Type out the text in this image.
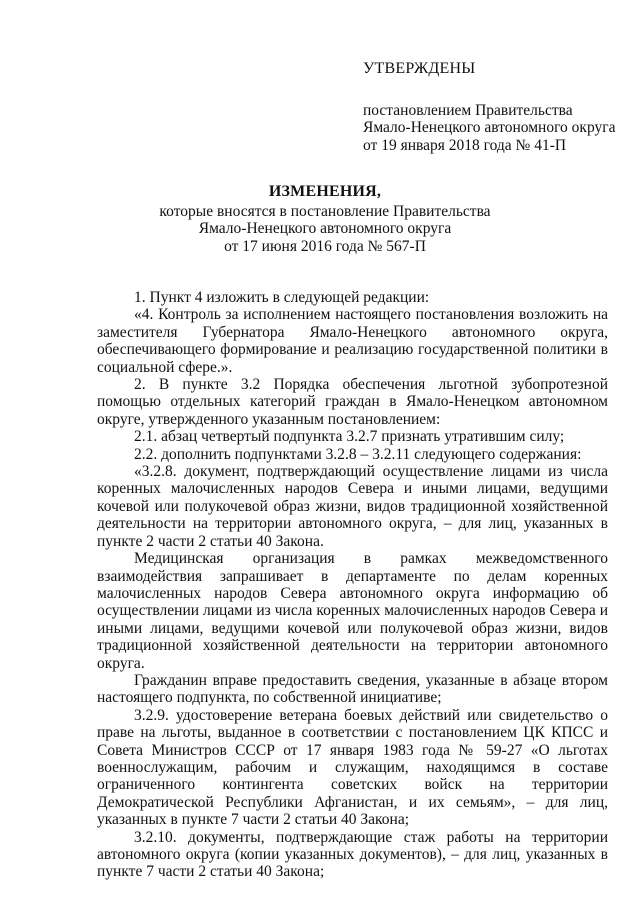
УТВЕРЖДЕНЫ
постановлением Правительства
Ямало-Ненецкого автономного округа
от 19 января 2018 года № 41-П
ИЗМЕНЕНИЯ,
которые вносятся в постановление Правительства
Ямало-Ненецкого автономного округа
от 17 июня 2016 года № 567-П

1. Пункт 4 изложить в следующей редакции:

«4. Контроль за исполнением настоящего постановления возложить на заместителя Губернатора Ямало-Ненецкого автономного округа, обеспечивающего формирование и реализацию государственной политики в социальной сфере.».

2. В пункте 3.2 Порядка обеспечения льготной зубопротезной помощью отдельных категорий граждан в Ямало-Ненецком автономном округе, утвержденного указанным постановлением:

2.1. абзац четвертый подпункта 3.2.7 признать утратившим силу;

2.2. дополнить подпунктами 3.2.8 – 3.2.11 следующего содержания:

«3.2.8. документ, подтверждающий осуществление лицами из числа коренных малочисленных народов Севера и иными лицами, ведущими кочевой или полукочевой образ жизни, видов традиционной хозяйственной деятельности на территории автономного округа, – для лиц, указанных в пункте 2 части 2 статьи 40 Закона.

Медицинская организация в рамках межведомственного взаимодействия запрашивает в департаменте по делам коренных малочисленных народов Севера автономного округа информацию об осуществлении лицами из числа коренных малочисленных народов Севера и иными лицами, ведущими кочевой или полукочевой образ жизни, видов традиционной хозяйственной деятельности на территории автономного округа.

Гражданин вправе предоставить сведения, указанные в абзаце втором настоящего подпункта, по собственной инициативе;

3.2.9. удостоверение ветерана боевых действий или свидетельство о праве на льготы, выданное в соответствии с постановлением ЦК КПСС и Совета Министров СССР от 17 января 1983 года № 59-27 «О льготах военнослужащим, рабочим и служащим, находящимся в составе ограниченного контингента советских войск на территории Демократической Республики Афганистан, и их семьям», – для лиц, указанных в пункте 7 части 2 статьи 40 Закона;

3.2.10. документы, подтверждающие стаж работы на территории автономного округа (копии указанных документов), – для лиц, указанных в пункте 7 части 2 статьи 40 Закона;
